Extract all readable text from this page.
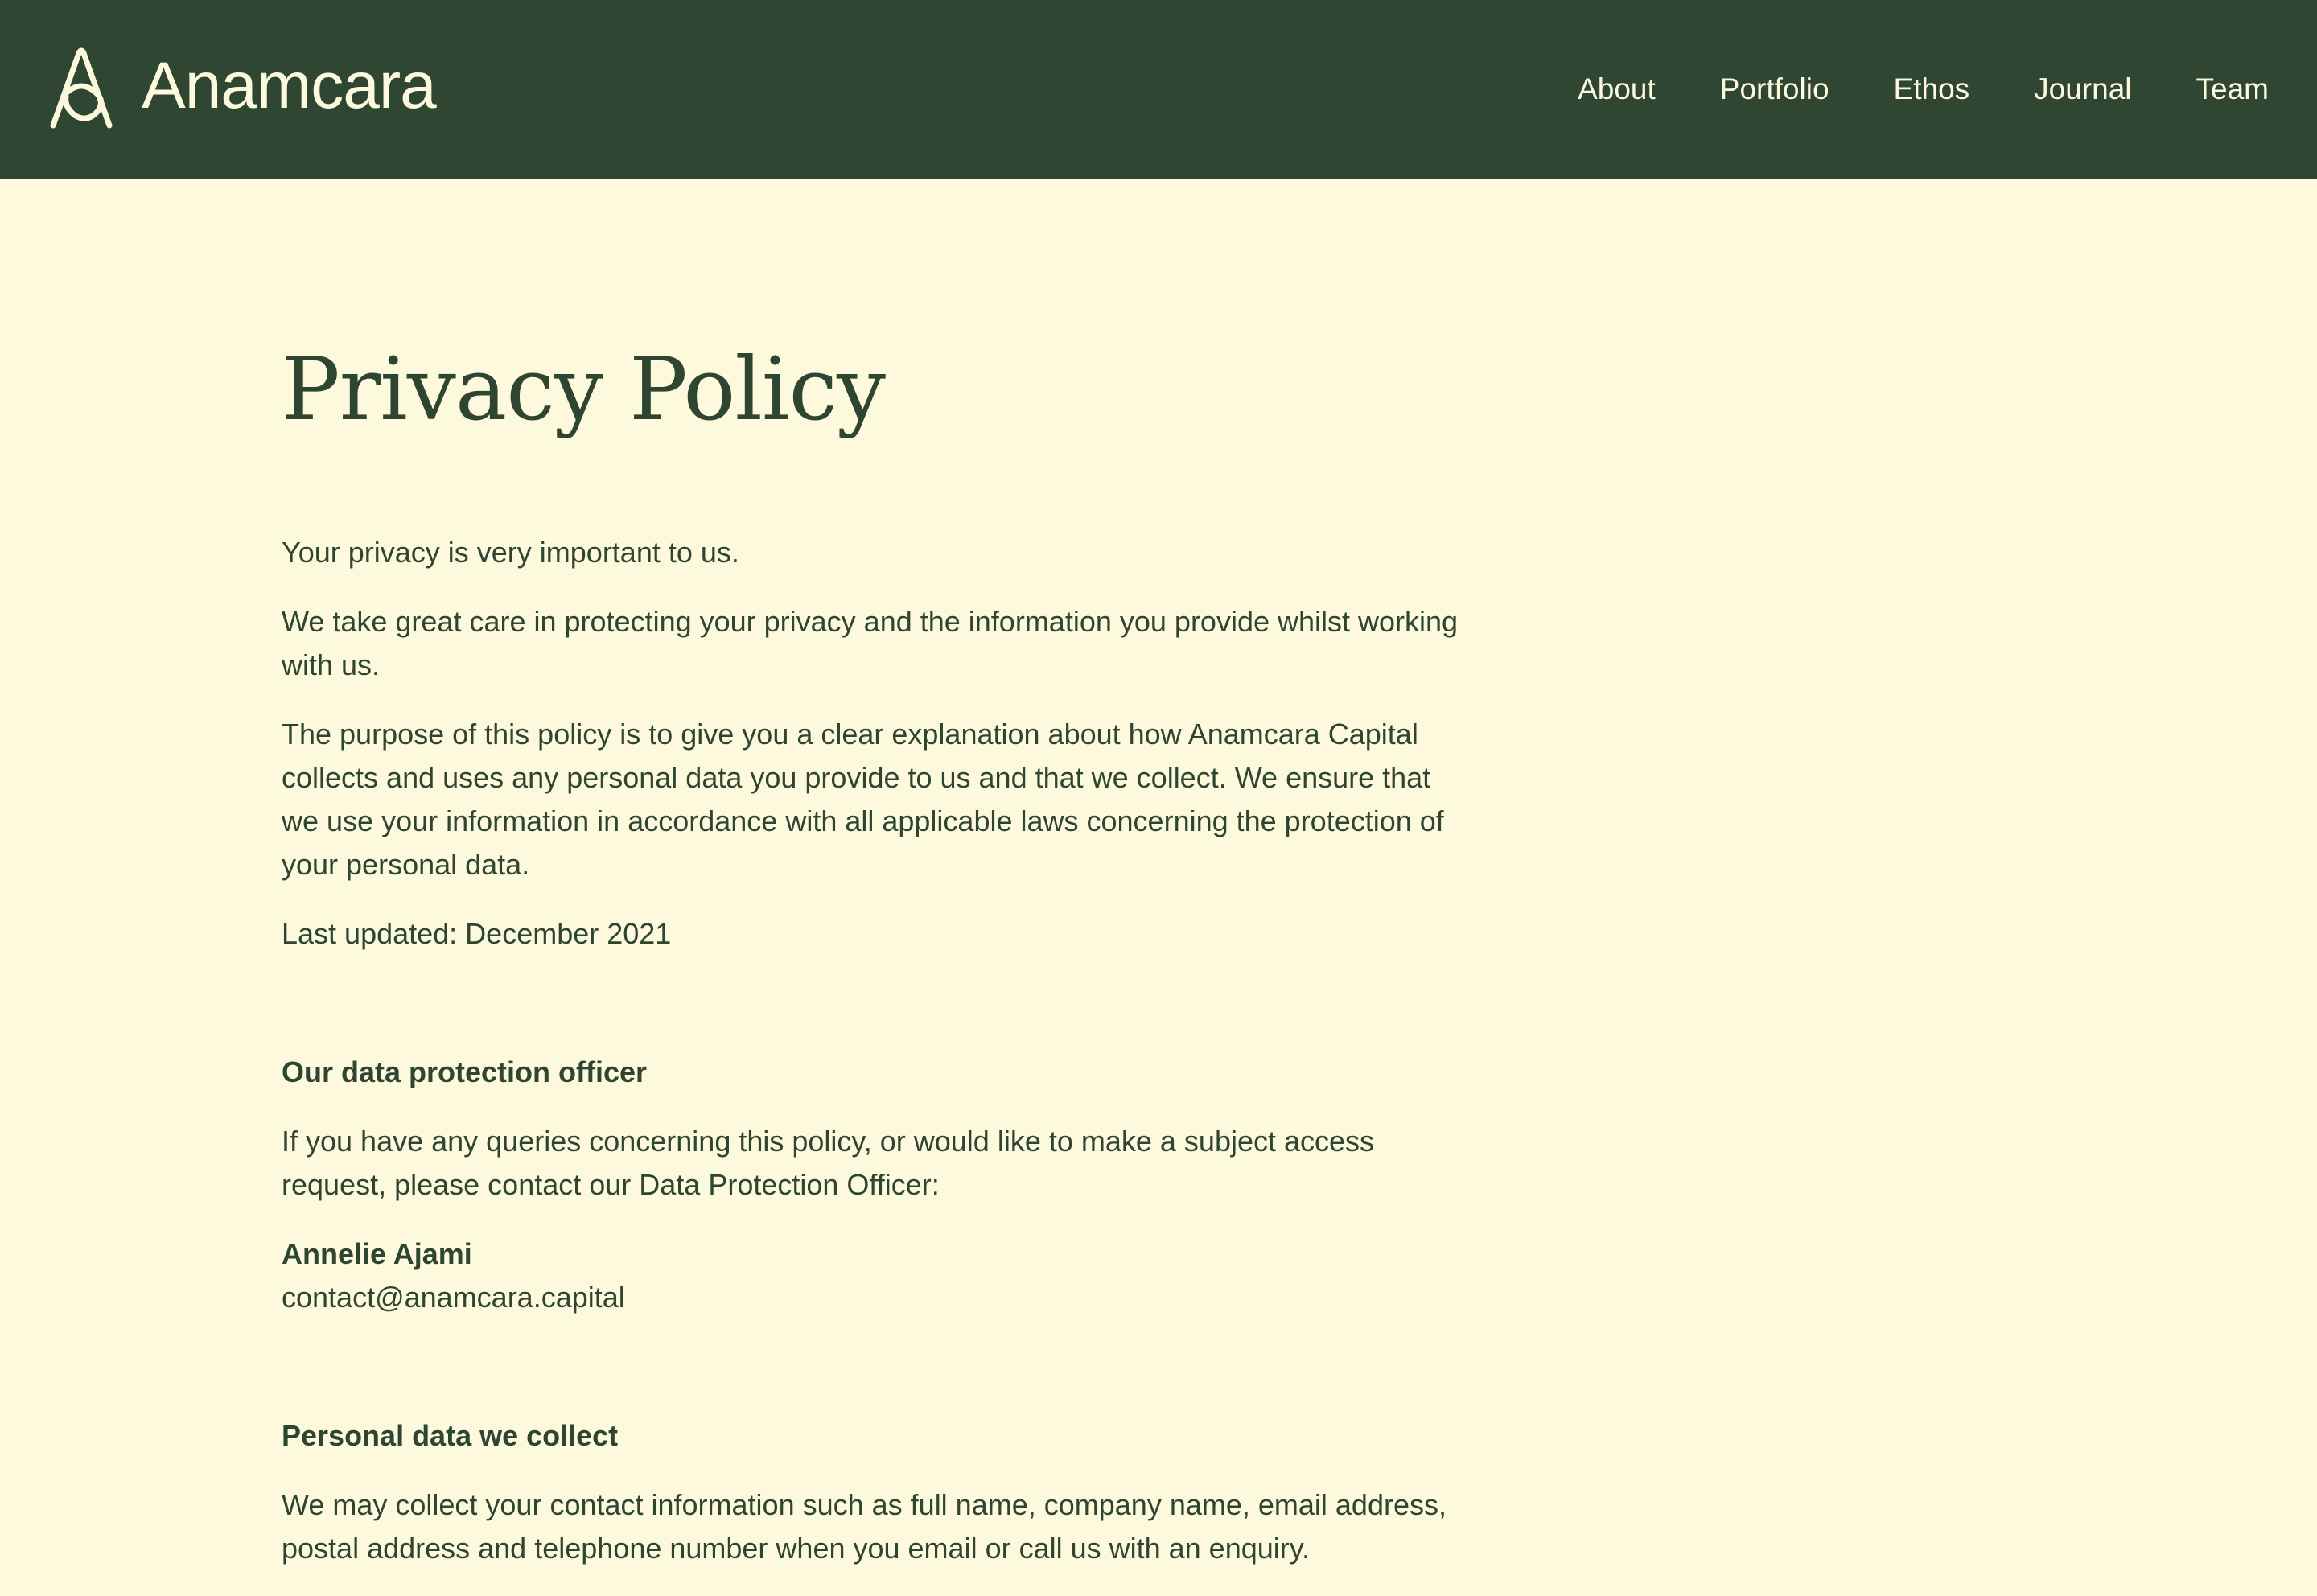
Anamcara	About Portfolio Ethos Journal Team
Privacy Policy

Your privacy is very important to us.

We take great care in protecting your privacy and the information you provide whilst working with us.

The purpose of this policy is to give you a clear explanation about how Anamcara Capital collects and uses any personal data you provide to us and that we collect. We ensure that we use your information in accordance with all applicable laws concerning the protection of your personal data.

Last updated: December 2021

Our data protection officer

If you have any queries concerning this policy, or would like to make a subject access request, please contact our Data Protection Officer:

Annelie Ajami
contact@anamcara.capital

Personal data we collect

We may collect your contact information such as full name, company name, email address, postal address and telephone number when you email or call us with an enquiry.
